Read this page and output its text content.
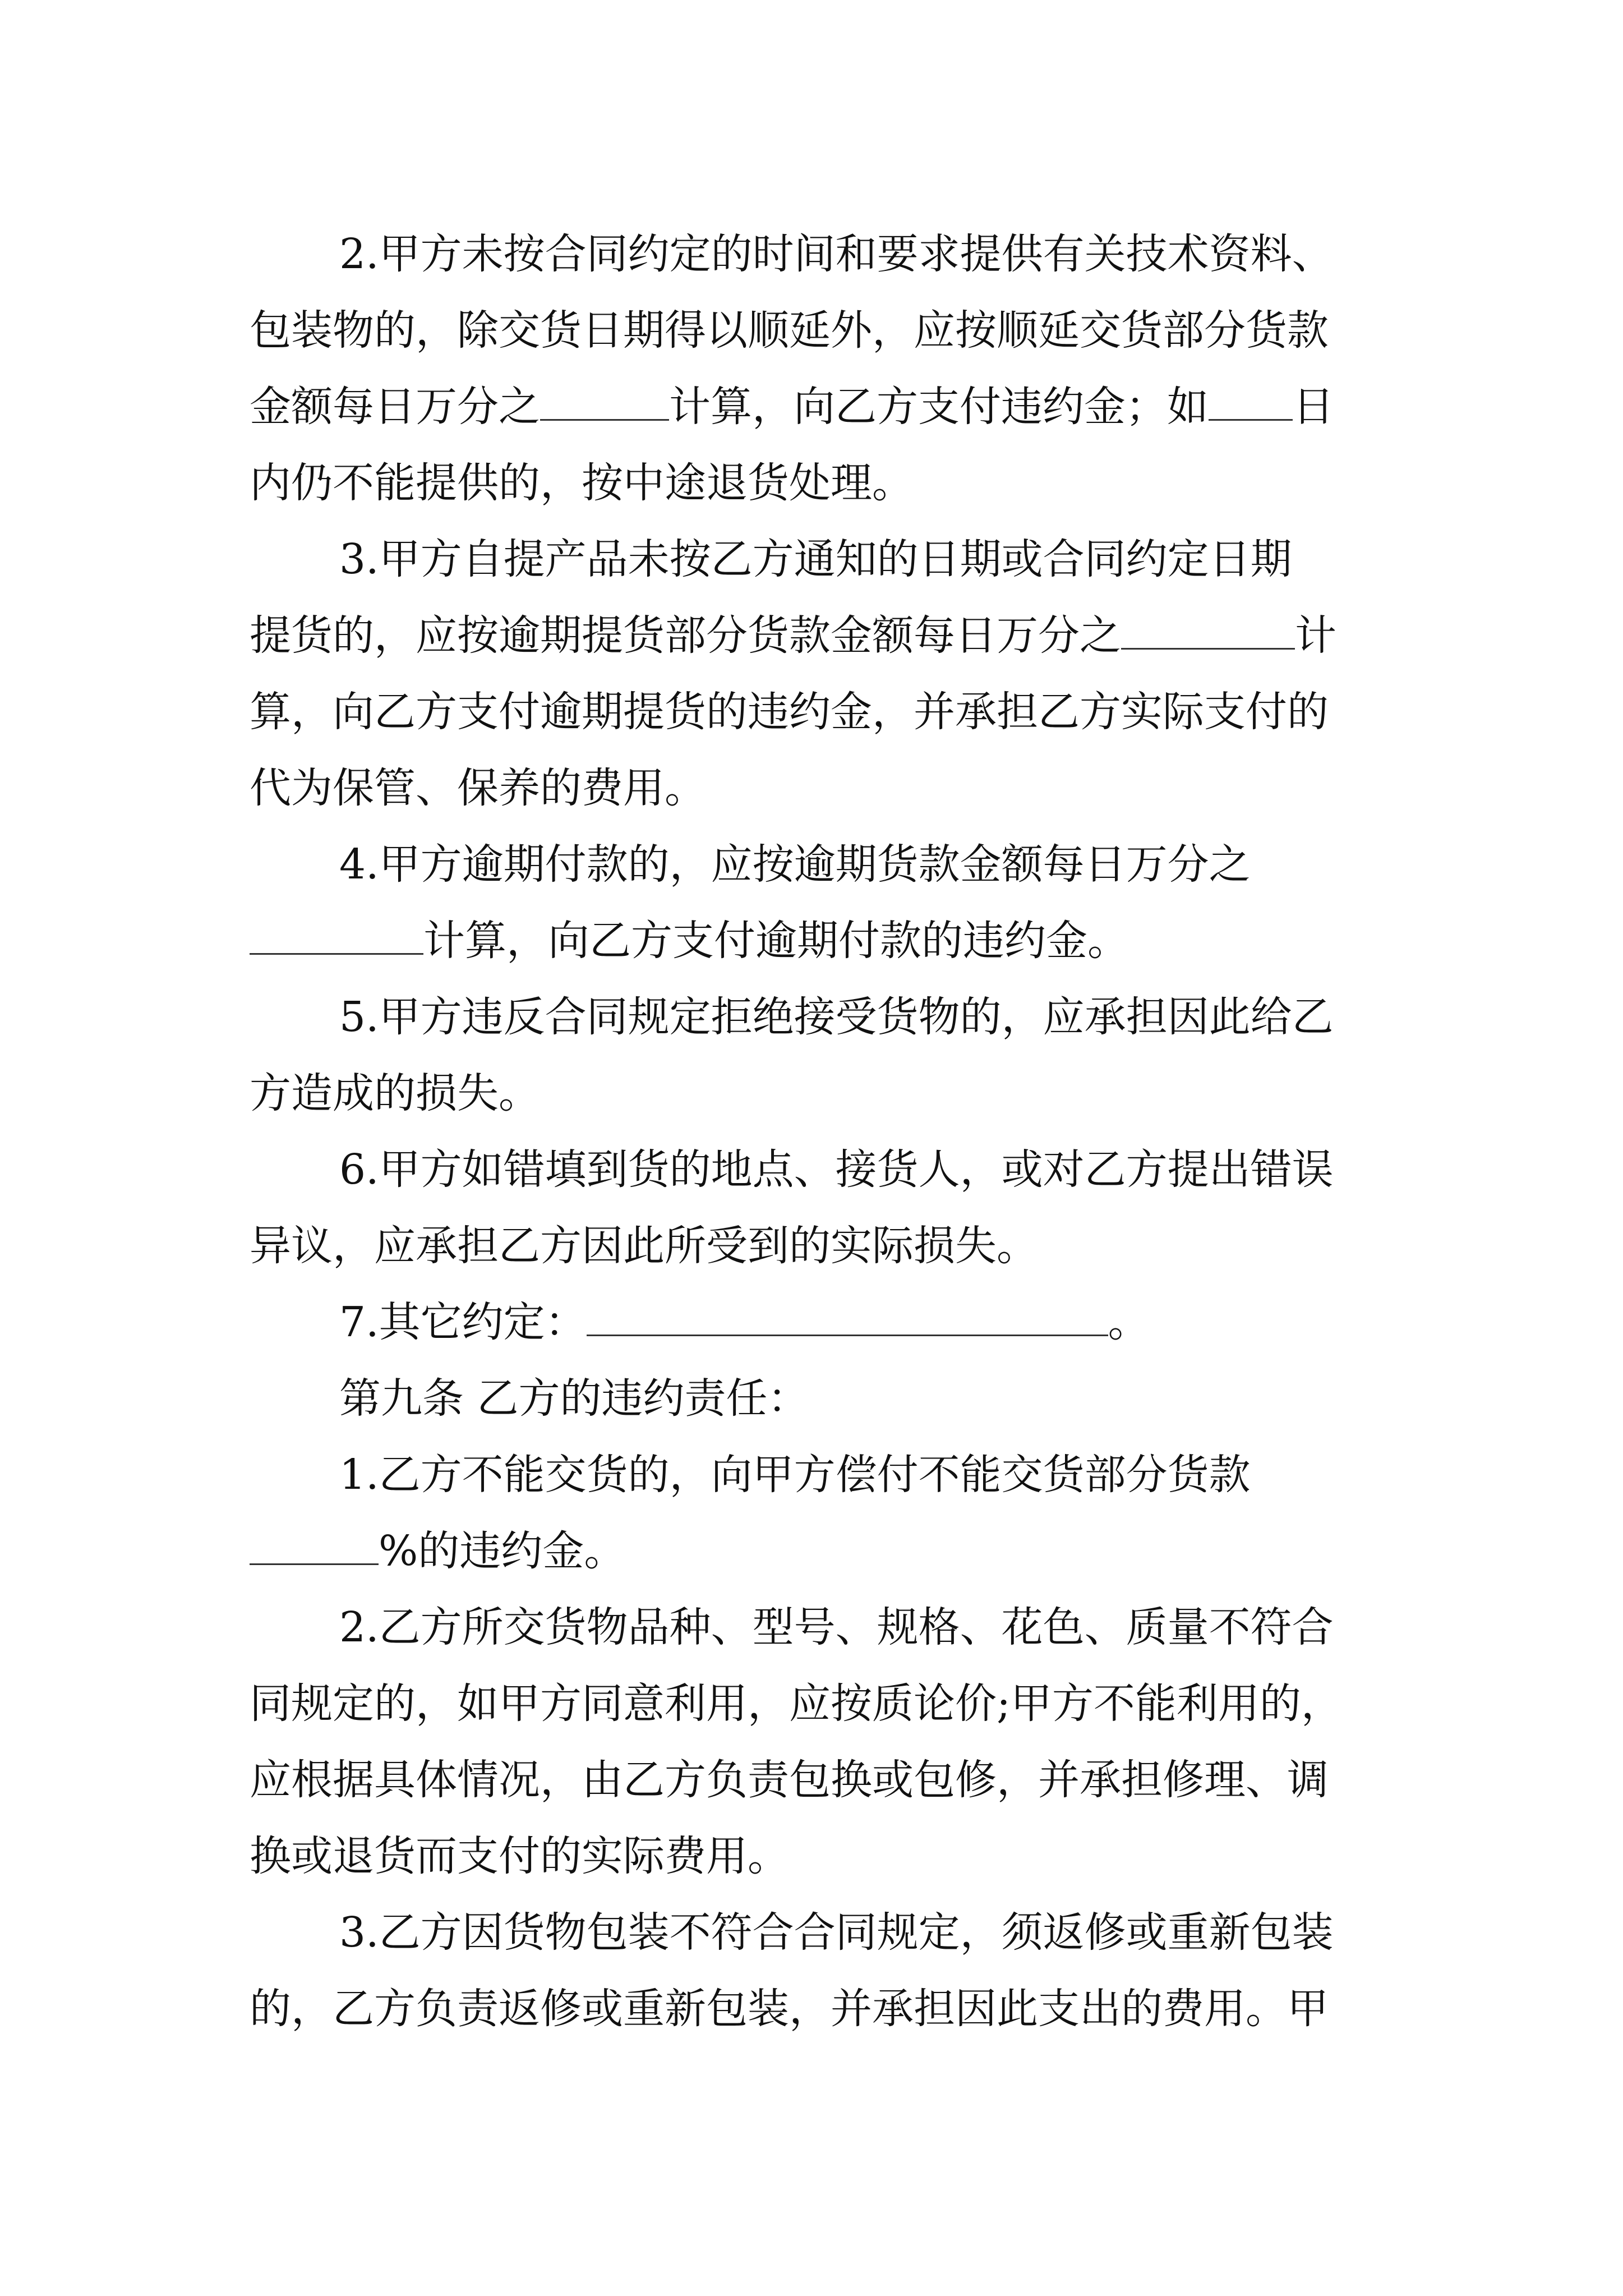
2.甲方未按合同约定的时间和要求提供有关技术资料、
包装物的，除交货日期得以顺延外，应按顺延交货部分货款
金额每日万分之	计算，向乙方支付违约金；如 日
内仍不能提供的，按中途退货处理。
3.甲方自提产品未按乙方通知的日期或合同约定日期
提货的，应按逾期提货部分货款金额每日万分之	计
算，向乙方支付逾期提货的违约金，并承担乙方实际支付的
代为保管、保养的费用。
4.甲方逾期付款的，应按逾期货款金额每日万分之
计算，向乙方支付逾期付款的违约金。
5.甲方违反合同规定拒绝接受货物的，应承担因此给乙
方造成的损失。
6.甲方如错填到货的地点、接货人，或对乙方提出错误
异议，应承担乙方因此所受到的实际损失。
7.其它约定：	。
第九条 乙方的违约责任：
1.乙方不能交货的，向甲方偿付不能交货部分货款
%的违约金。
2.乙方所交货物品种、型号、规格、花色、质量不符合
同规定的，如甲方同意利用，应按质论价;甲方不能利用的，
应根据具体情况，由乙方负责包换或包修，并承担修理、调
换或退货而支付的实际费用。
3.乙方因货物包装不符合合同规定，须返修或重新包装
的，乙方负责返修或重新包装，并承担因此支出的费用。甲
